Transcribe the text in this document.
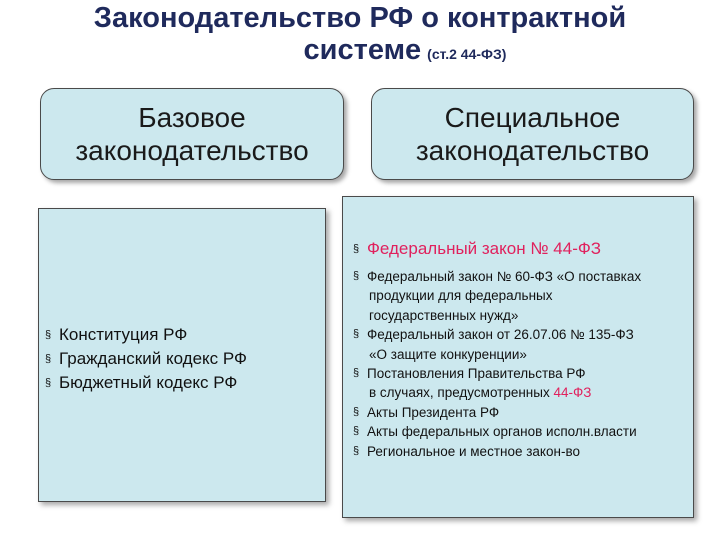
Законодательство РФ о контрактной
системе (ст.2 44-ФЗ)
Базовое
законодательство
Специальное
законодательство
§ Конституция РФ
§ Гражданский кодекс РФ
§ Бюджетный кодекс РФ
§ Федеральный закон № 44-ФЗ
§ Федеральный закон № 60-ФЗ «О поставках
продукции для федеральных
государственных нужд»
§ Федеральный закон от 26.07.06 № 135-ФЗ
«О защите конкуренции»
§ Постановления Правительства РФ
в случаях, предусмотренных 44-ФЗ
§ Акты Президента РФ
§ Акты федеральных органов исполн.власти
§ Региональное и местное закон-во
